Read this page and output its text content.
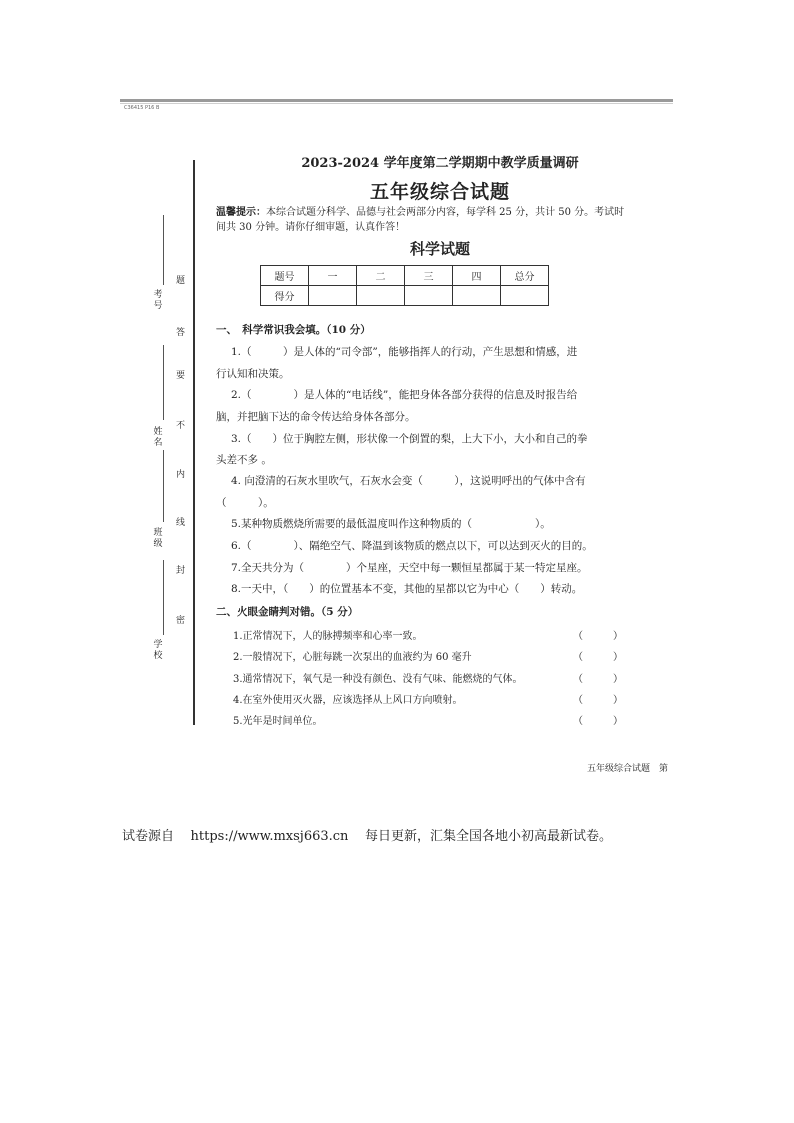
C36415 P16 B
考号
姓名
班级
学校
题
答
要
不
内
线
封
密
2023-2024 学年度第二学期期中教学质量调研
五年级综合试题
温馨提示：本综合试题分科学、品德与社会两部分内容，每学科 25 分，共计 50 分。考试时间共 30 分钟。请你仔细审题，认真作答！
科学试题
题号	一	二	三	四	总分
得分					
一、　科学常识我会填。（10 分）
1.（　　　）是人体的“司令部”，能够指挥人的行动，产生思想和情感，进
行认知和决策。
2.（　　　　）是人体的“电话线”，能把身体各部分获得的信息及时报告给
脑，并把脑下达的命令传达给身体各部分。
3.（　　）位于胸腔左侧，形状像一个倒置的梨，上大下小，大小和自己的拳
头差不多 。
4. 向澄清的石灰水里吹气，石灰水会变（　　　），这说明呼出的气体中含有
（　　　）。
5.某种物质燃烧所需要的最低温度叫作这种物质的（　　　　　　）。
6.（　　　　）、隔绝空气、降温到该物质的燃点以下，可以达到灭火的目的。
7.全天共分为（　　　　）个星座，天空中每一颗恒星都属于某一特定星座。
8.一天中，（　　）的位置基本不变，其他的星都以它为中心（　　）转动。
二、火眼金睛判对错。（5 分）
1.正常情况下，人的脉搏频率和心率一致。	（　　　）
2.一般情况下，心脏每跳一次泵出的血液约为 60 毫升	（　　　）
3.通常情况下，氧气是一种没有颜色、没有气味、能燃烧的气体。	（　　　）
4.在室外使用灭火器，应该选择从上风口方向喷射。	（　　　）
5.光年是时间单位。	（　　　）
五年级综合试题　第
试卷源自    https://www.mxsj663.cn    每日更新，汇集全国各地小初高最新试卷。
